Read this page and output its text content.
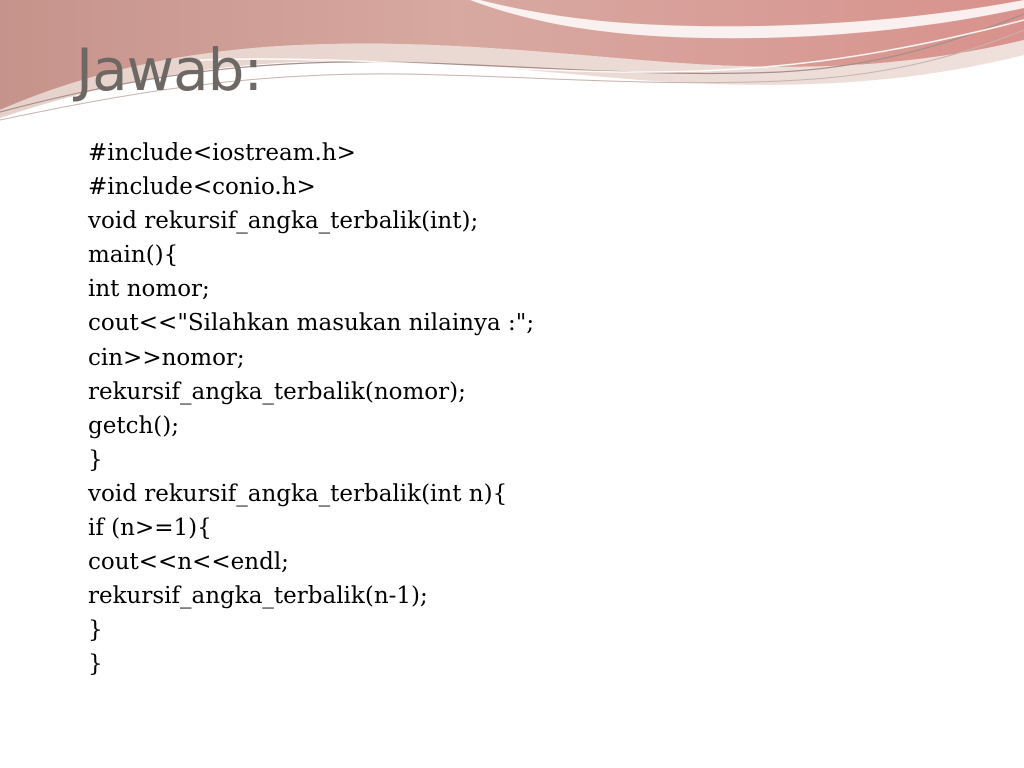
Jawab:
#include<iostream.h>
#include<conio.h>
void rekursif_angka_terbalik(int);
main(){
int nomor;
cout<<"Silahkan masukan nilainya :";
cin>>nomor;
rekursif_angka_terbalik(nomor);
getch();
}
void rekursif_angka_terbalik(int n){
if (n>=1){
cout<<n<<endl;
rekursif_angka_terbalik(n-1);
}
}
